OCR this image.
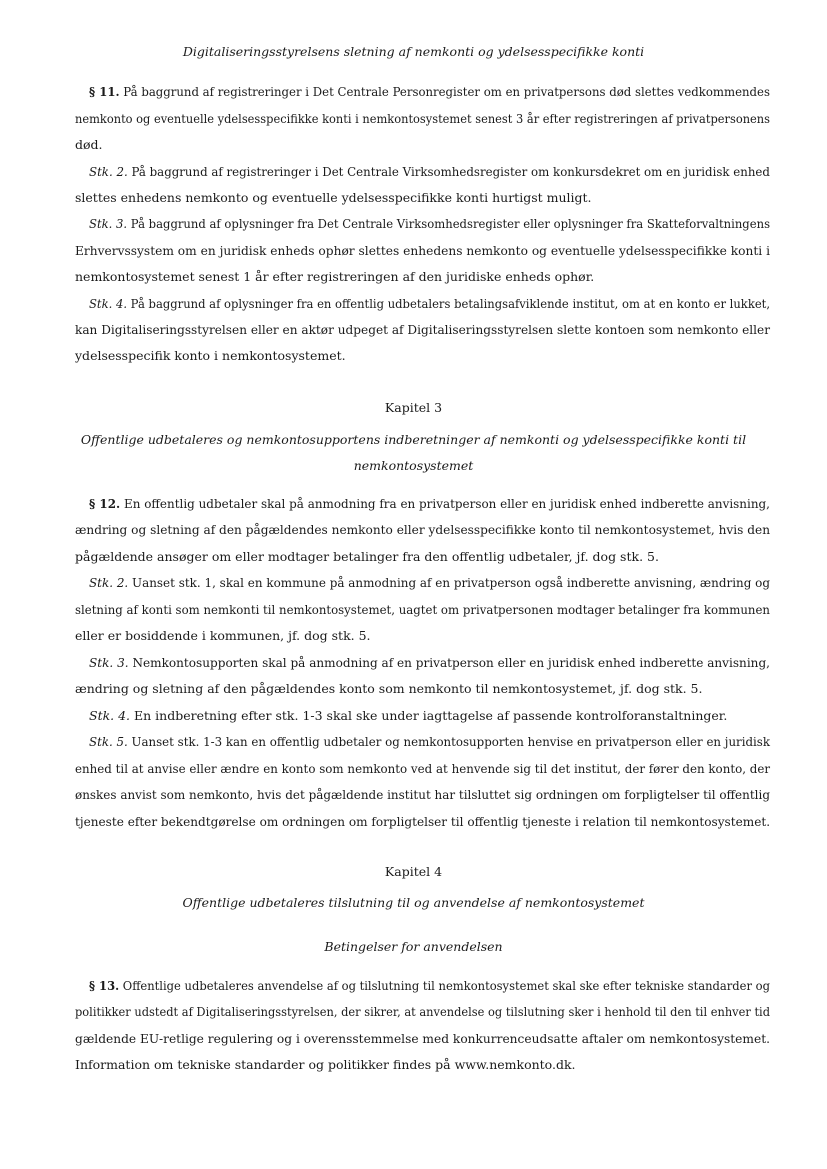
Digitaliseringsstyrelsens sletning af nemkonti og ydelsesspecifikke konti
§ 11. På baggrund af registreringer i Det Centrale Personregister om en privatpersons død slettes vedkommendes
nemkonto og eventuelle ydelsesspecifikke konti i nemkontosystemet senest 3 år efter registreringen af privatpersonens
død.
Stk. 2. På baggrund af registreringer i Det Centrale Virksomhedsregister om konkursdekret om en juridisk enhed
slettes enhedens nemkonto og eventuelle ydelsesspecifikke konti hurtigst muligt.
Stk. 3. På baggrund af oplysninger fra Det Centrale Virksomhedsregister eller oplysninger fra Skatteforvaltningens
Erhvervssystem om en juridisk enheds ophør slettes enhedens nemkonto og eventuelle ydelsesspecifikke konti i
nemkontosystemet senest 1 år efter registreringen af den juridiske enheds ophør.
Stk. 4. På baggrund af oplysninger fra en offentlig udbetalers betalingsafviklende institut, om at en konto er lukket,
kan Digitaliseringsstyrelsen eller en aktør udpeget af Digitaliseringsstyrelsen slette kontoen som nemkonto eller
ydelsesspecifik konto i nemkontosystemet.
Kapitel 3
Offentlige udbetaleres og nemkontosupportens indberetninger af nemkonti og ydelsesspecifikke konti til
nemkontosystemet
§ 12. En offentlig udbetaler skal på anmodning fra en privatperson eller en juridisk enhed indberette anvisning,
ændring og sletning af den pågældendes nemkonto eller ydelsesspecifikke konto til nemkontosystemet, hvis den
pågældende ansøger om eller modtager betalinger fra den offentlig udbetaler, jf. dog stk. 5.
Stk. 2. Uanset stk. 1, skal en kommune på anmodning af en privatperson også indberette anvisning, ændring og
sletning af konti som nemkonti til nemkontosystemet, uagtet om privatpersonen modtager betalinger fra kommunen
eller er bosiddende i kommunen, jf. dog stk. 5.
Stk. 3. Nemkontosupporten skal på anmodning af en privatperson eller en juridisk enhed indberette anvisning,
ændring og sletning af den pågældendes konto som nemkonto til nemkontosystemet, jf. dog stk. 5.
Stk. 4. En indberetning efter stk. 1-3 skal ske under iagttagelse af passende kontrolforanstaltninger.
Stk. 5. Uanset stk. 1-3 kan en offentlig udbetaler og nemkontosupporten henvise en privatperson eller en juridisk
enhed til at anvise eller ændre en konto som nemkonto ved at henvende sig til det institut, der fører den konto, der
ønskes anvist som nemkonto, hvis det pågældende institut har tilsluttet sig ordningen om forpligtelser til offentlig
tjeneste efter bekendtgørelse om ordningen om forpligtelser til offentlig tjeneste i relation til nemkontosystemet.
Kapitel 4
Offentlige udbetaleres tilslutning til og anvendelse af nemkontosystemet
Betingelser for anvendelsen
§ 13. Offentlige udbetaleres anvendelse af og tilslutning til nemkontosystemet skal ske efter tekniske standarder og
politikker udstedt af Digitaliseringsstyrelsen, der sikrer, at anvendelse og tilslutning sker i henhold til den til enhver tid
gældende EU-retlige regulering og i overensstemmelse med konkurrenceudsatte aftaler om nemkontosystemet.
Information om tekniske standarder og politikker findes på www.nemkonto.dk.
